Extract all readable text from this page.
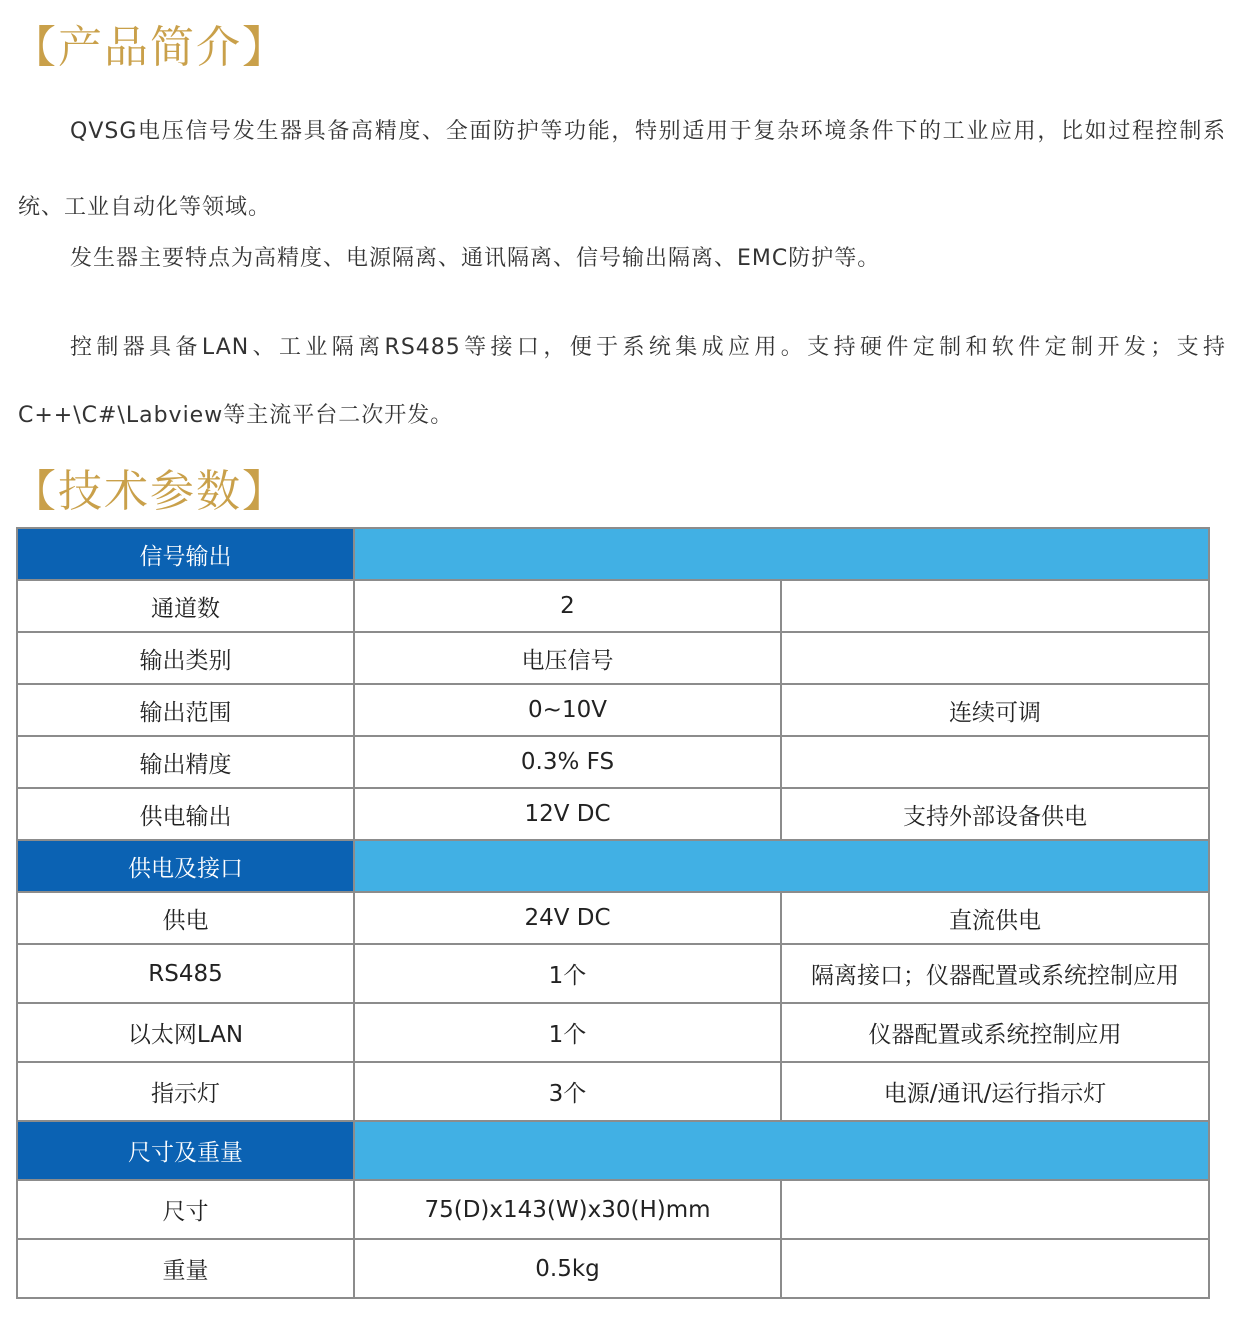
【产品简介】

QVSG电压信号发生器具备高精度、全面防护等功能，特别适用于复杂环境条件下的工业应用，比如过程控制系统、工业自动化等领域。

发生器主要特点为高精度、电源隔离、通讯隔离、信号输出隔离、EMC防护等。

控制器具备LAN、工业隔离RS485等接口，便于系统集成应用。支持硬件定制和软件定制开发；支持C++\C#\Labview等主流平台二次开发。

【技术参数】
信号输出		
通道数	2	
输出类别	电压信号	
输出范围	0~10V	连续可调
输出精度	0.3% FS	
供电输出	12V DC	支持外部设备供电
供电及接口		
供电	24V DC	直流供电
RS485	1个	隔离接口；仪器配置或系统控制应用
以太网LAN	1个	仪器配置或系统控制应用
指示灯	3个	电源/通讯/运行指示灯
尺寸及重量		
尺寸	75(D)x143(W)x30(H)mm	
重量	0.5kg	
